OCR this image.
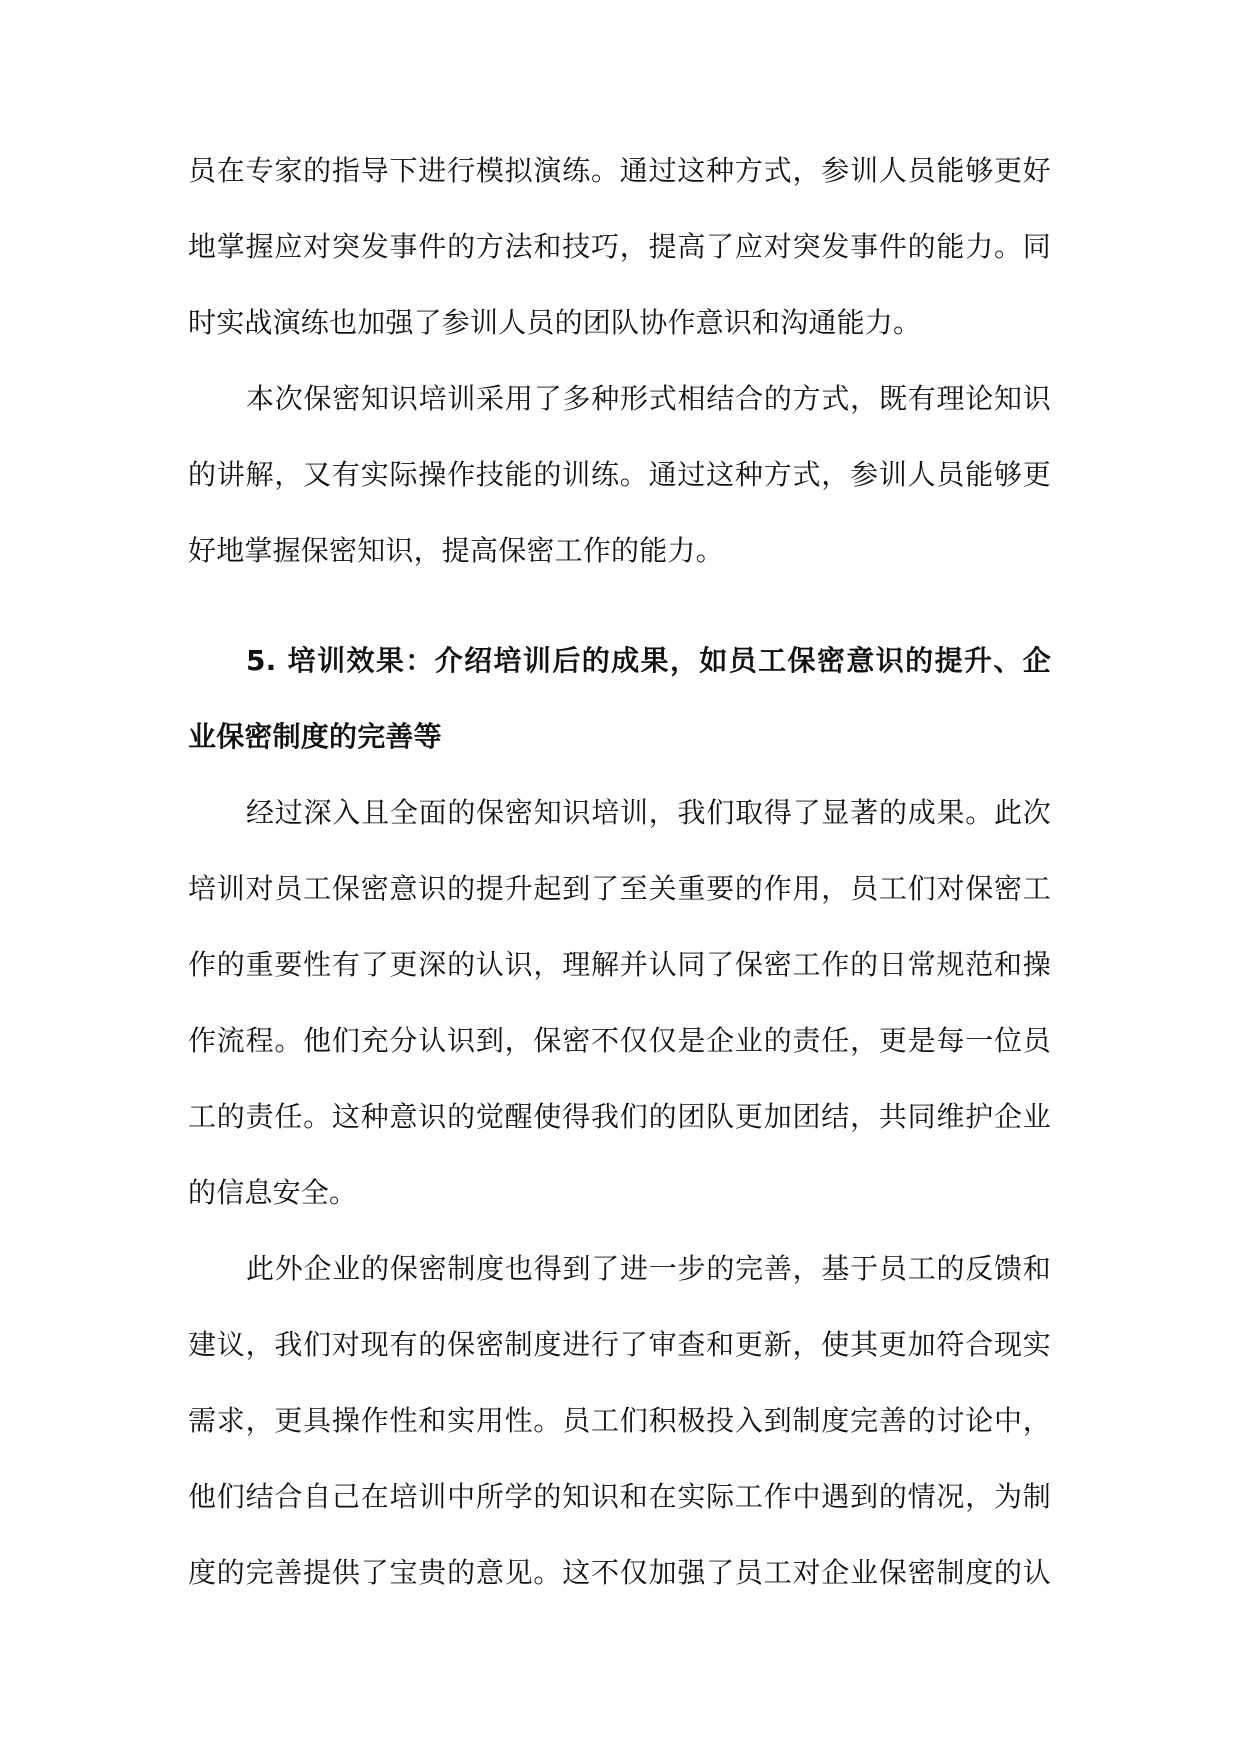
员在专家的指导下进行模拟演练。通过这种方式，参训人员能够更好
地掌握应对突发事件的方法和技巧，提高了应对突发事件的能力。同
时实战演练也加强了参训人员的团队协作意识和沟通能力。
本次保密知识培训采用了多种形式相结合的方式，既有理论知识
的讲解，又有实际操作技能的训练。通过这种方式，参训人员能够更
好地掌握保密知识，提高保密工作的能力。
5. 培训效果：介绍培训后的成果，如员工保密意识的提升、企
业保密制度的完善等
经过深入且全面的保密知识培训，我们取得了显著的成果。此次
培训对员工保密意识的提升起到了至关重要的作用，员工们对保密工
作的重要性有了更深的认识，理解并认同了保密工作的日常规范和操
作流程。他们充分认识到，保密不仅仅是企业的责任，更是每一位员
工的责任。这种意识的觉醒使得我们的团队更加团结，共同维护企业
的信息安全。
此外企业的保密制度也得到了进一步的完善，基于员工的反馈和
建议，我们对现有的保密制度进行了审查和更新，使其更加符合现实
需求，更具操作性和实用性。员工们积极投入到制度完善的讨论中，
他们结合自己在培训中所学的知识和在实际工作中遇到的情况，为制
度的完善提供了宝贵的意见。这不仅加强了员工对企业保密制度的认
